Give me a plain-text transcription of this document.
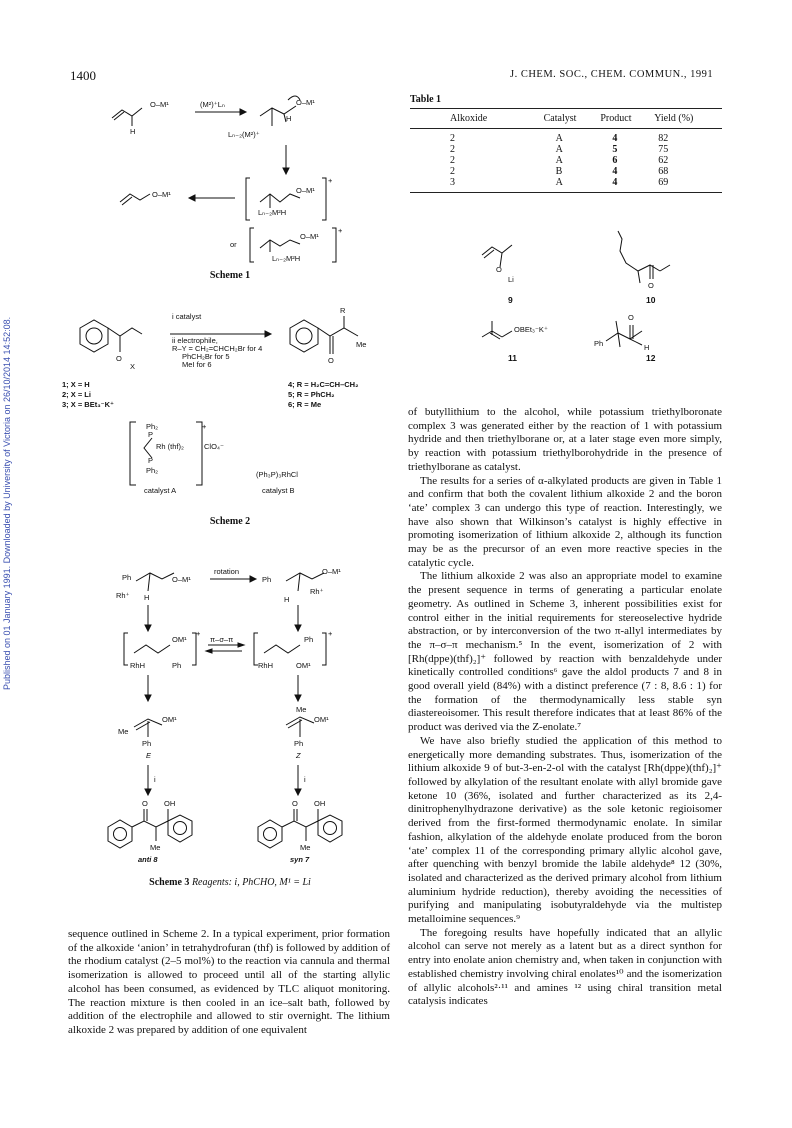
1400	J. CHEM. SOC., CHEM. COMMUN., 1991
Published on 01 January 1991. Downloaded by University of Victoria on 26/10/2014 14:52:08.
O–M¹
H
(M²)⁺Lₙ	O–M¹
H
Lₙ₋₂(M²)⁺
O–M¹	O–M¹
+
Lₙ₋₂M²H
or
O–M¹
+
Lₙ₋₂M²H
Scheme 1
i catalyst
ii electrophile,
R–Y = CH₂=CHCH₂Br for 4
PhCH₂Br for 5
MeI for 6
O
X
R
Me
O
1; X = H
2; X = Li
3; X = BEt₃⁻K⁺
4; R = H₂C=CH–CH₂
5; R = PhCH₂
6; R = Me
Ph₂
P
Rh (thf)₂	ClO₄⁻
P
Ph₂
+
catalyst A
(Ph₃P)₃RhCl
catalyst B
Scheme 2
Ph	O–M¹
Rh⁺ H
rotation
Ph
O–M¹
Rh⁺
H
OM¹
+
RhH	Ph
π–σ–π	Ph
+
RhH	OM¹
Me
OM¹
Ph
E
Me
OM¹
Ph
Z
i	i
O OH
Me
anti 8
O OH
Me
syn 7
Scheme 3 Reagents: i, PhCHO, M¹ = Li
Table 1
Alkoxide	Catalyst	Product	Yield (%)
2	A	4	82
2	A	5	75
2	A	6	62
2	B	4	68
3	A	4	69
O
Li
9
O
10
OBEt₃⁻K⁺
11
O
Ph	H
12

sequence outlined in Scheme 2. In a typical experiment, prior formation of the alkoxide ‘anion’ in tetrahydrofuran (thf) is followed by addition of the rhodium catalyst (2–5 mol%) to the reaction via cannula and thermal isomerization is allowed to proceed until all of the starting allylic alcohol has been consumed, as evidenced by TLC aliquot monitoring. The reaction mixture is then cooled in an ice–salt bath, followed by addition of the electrophile and allowed to stir overnight. The lithium alkoxide 2 was prepared by addition of one equivalent

of butyllithium to the alcohol, while potassium triethylboronate complex 3 was generated either by the reaction of 1 with potassium hydride and then triethylborane or, at a later stage even more simply, by reaction with potassium triethylborohydride in the presence of triethylborane as catalyst.

The results for a series of α-alkylated products are given in Table 1 and confirm that both the covalent lithium alkoxide 2 and the boron ‘ate’ complex 3 can undergo this type of reaction. Interestingly, we have also shown that Wilkinson’s catalyst is highly effective in promoting isomerization of lithium alkoxide 2, although its function may be as the precursor of an even more reactive species in the catalytic cycle.

The lithium alkoxide 2 was also an appropriate model to examine the present sequence in terms of generating a particular enolate geometry. As outlined in Scheme 3, inherent possibilities exist for control either in the initial requirements for stereoselective hydride abstraction, or by interconversion of the two π-allyl intermediates by the π–σ–π mechanism.⁵ In the event, isomerization of 2 with [Rh(dppe)(thf)₂]⁺ followed by reaction with benzaldehyde under kinetically controlled conditions⁶ gave the aldol products 7 and 8 in good overall yield (84%) with a distinct preference (7 : 8, 8.6 : 1) for the formation of the thermodynamically less stable syn diastereoisomer. This result therefore indicates that at least 86% of the product was derived via the Z-enolate.⁷

We have also briefly studied the application of this method to energetically more demanding substrates. Thus, isomerization of the lithium alkoxide 9 of but-3-en-2-ol with the catalyst [Rh(dppe)(thf)₂]⁺ followed by alkylation of the resultant enolate with allyl bromide gave ketone 10 (36%, isolated and further characterized as its 2,4-dinitrophenylhydrazone derivative) as the sole ketonic regioisomer derived from the first-formed thermodynamic enolate. In similar fashion, alkylation of the aldehyde enolate produced from the boron ‘ate’ complex 11 of the corresponding primary allylic alcohol gave, after quenching with benzyl bromide the labile aldehyde⁸ 12 (30%, isolated and characterized as the derived primary alcohol from lithium aluminium hydride reduction), thereby avoiding the necessities of purifying and manipulating isobutyraldehyde via the multistep metalloimine sequences.⁹

The foregoing results have hopefully indicated that an allylic alcohol can serve not merely as a latent but as a direct synthon for entry into enolate anion chemistry and, when taken in conjunction with established chemistry involving chiral enolates¹⁰ and the isomerization of allylic alcohols²·¹¹ and amines ¹² using chiral transition metal catalysis indicates
